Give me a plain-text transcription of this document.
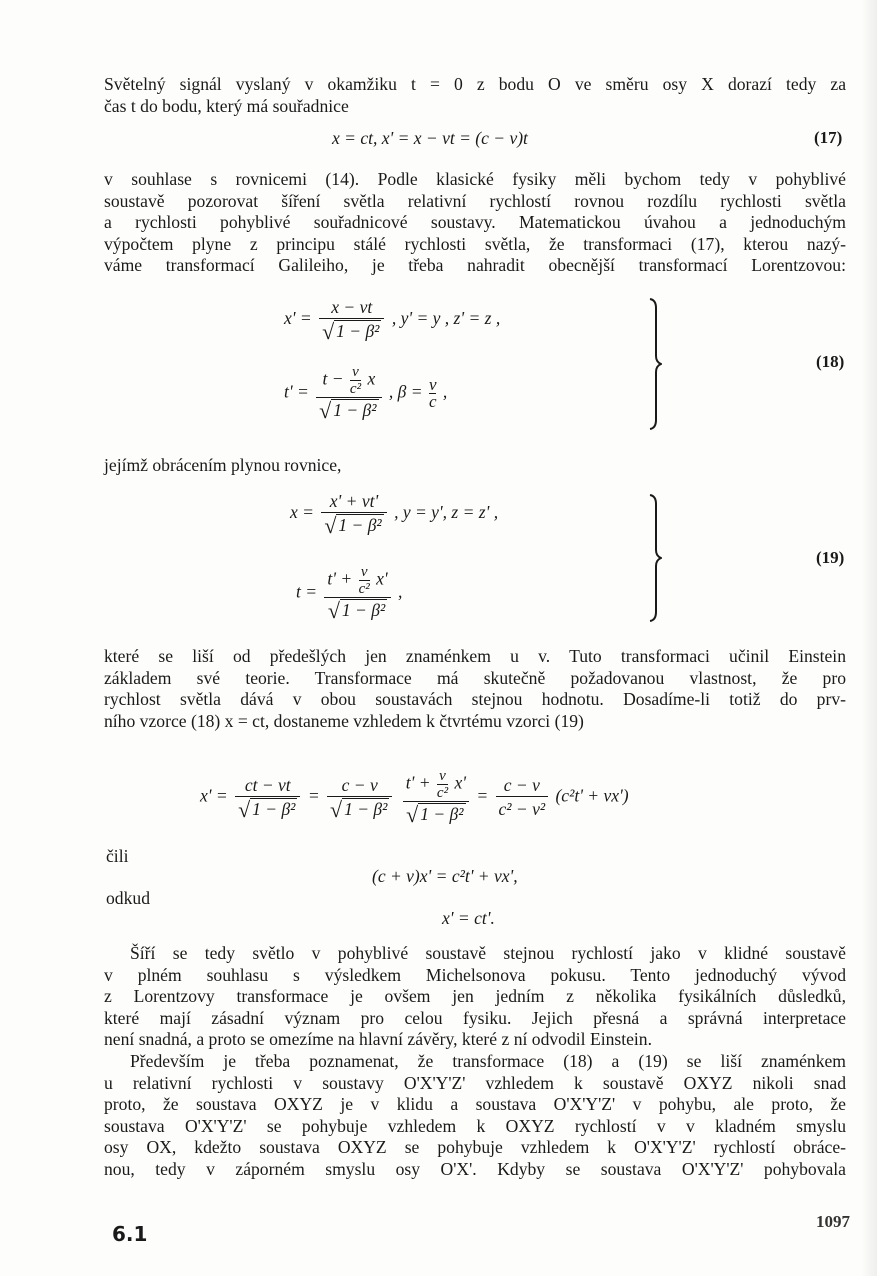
Světelný signál vyslaný v okamžiku t = 0 z bodu O ve směru osy X dorazí tedy za
čas t do bodu, který má souřadnice
x = ct, x' = x − vt = (c − v)t	(17)
v souhlase s rovnicemi (14). Podle klasické fysiky měli bychom tedy v pohyblivé
soustavě pozorovat šíření světla relativní rychlostí rovnou rozdílu rychlosti světla
a rychlosti pohyblivé souřadnicové soustavy. Matematickou úvahou a jednoduchým
výpočtem plyne z principu stálé rychlosti světla, že transformaci (17), kterou nazý-
váme transformací Galileiho, je třeba nahradit obecnější transformací Lorentzovou:
$x' = \frac{x - vt}{\text{√ 1 − β²}}$ , y' = y , z' = z ,
$t' = \frac{t - \frac{v}{\text{c²}} x}{\text{√ 1 − β²}}$ , $\beta = \frac{v}{c}$ ,
(18)
jejímž obrácením plynou rovnice,
$x = \frac{x' + vt'}{\text{√ 1 − β²}}$ , y = y', z = z' ,
$t = \frac{t' + \frac{v}{\text{c²}} x'}{\text{√ 1 − β²}}$ ,
(19)
které se liší od předešlých jen znaménkem u v. Tuto transformaci učinil Einstein
základem své teorie. Transformace má skutečně požadovanou vlastnost, že pro
rychlost světla dává v obou soustavách stejnou hodnotu. Dosadíme-li totiž do prv-
ního vzorce (18) x = ct, dostaneme vzhledem k čtvrtému vzorci (19)
$x' = \frac{ct - vt}{\text{√ 1 − β²}} = \frac{c - v}{\text{√ 1 − β²}}$
$\frac{t' + \frac{v}{\text{c²}} x'}{\text{√ 1 − β²}} = \frac{c - v}{\text{c² − v²}} (c^2t' + vx')$
čili
(c + v)x' = c²t' + vx',
odkud
x' = ct'.
Šíří se tedy světlo v pohyblivé soustavě stejnou rychlostí jako v klidné soustavě
v plném souhlasu s výsledkem Michelsonova pokusu. Tento jednoduchý vývod
z Lorentzovy transformace je ovšem jen jedním z několika fysikálních důsledků,
které mají zásadní význam pro celou fysiku. Jejich přesná a správná interpretace
není snadná, a proto se omezíme na hlavní závěry, které z ní odvodil Einstein.
Především je třeba poznamenat, že transformace (18) a (19) se liší znaménkem
u relativní rychlosti v soustavy O'X'Y'Z' vzhledem k soustavě OXYZ nikoli snad
proto, že soustava OXYZ je v klidu a soustava O'X'Y'Z' v pohybu, ale proto, že
soustava O'X'Y'Z' se pohybuje vzhledem k OXYZ rychlostí v v kladném smyslu
osy OX, kdežto soustava OXYZ se pohybuje vzhledem k O'X'Y'Z' rychlostí obráce-
nou, tedy v záporném smyslu osy O'X'. Kdyby se soustava O'X'Y'Z' pohybovala
6.1
1097
